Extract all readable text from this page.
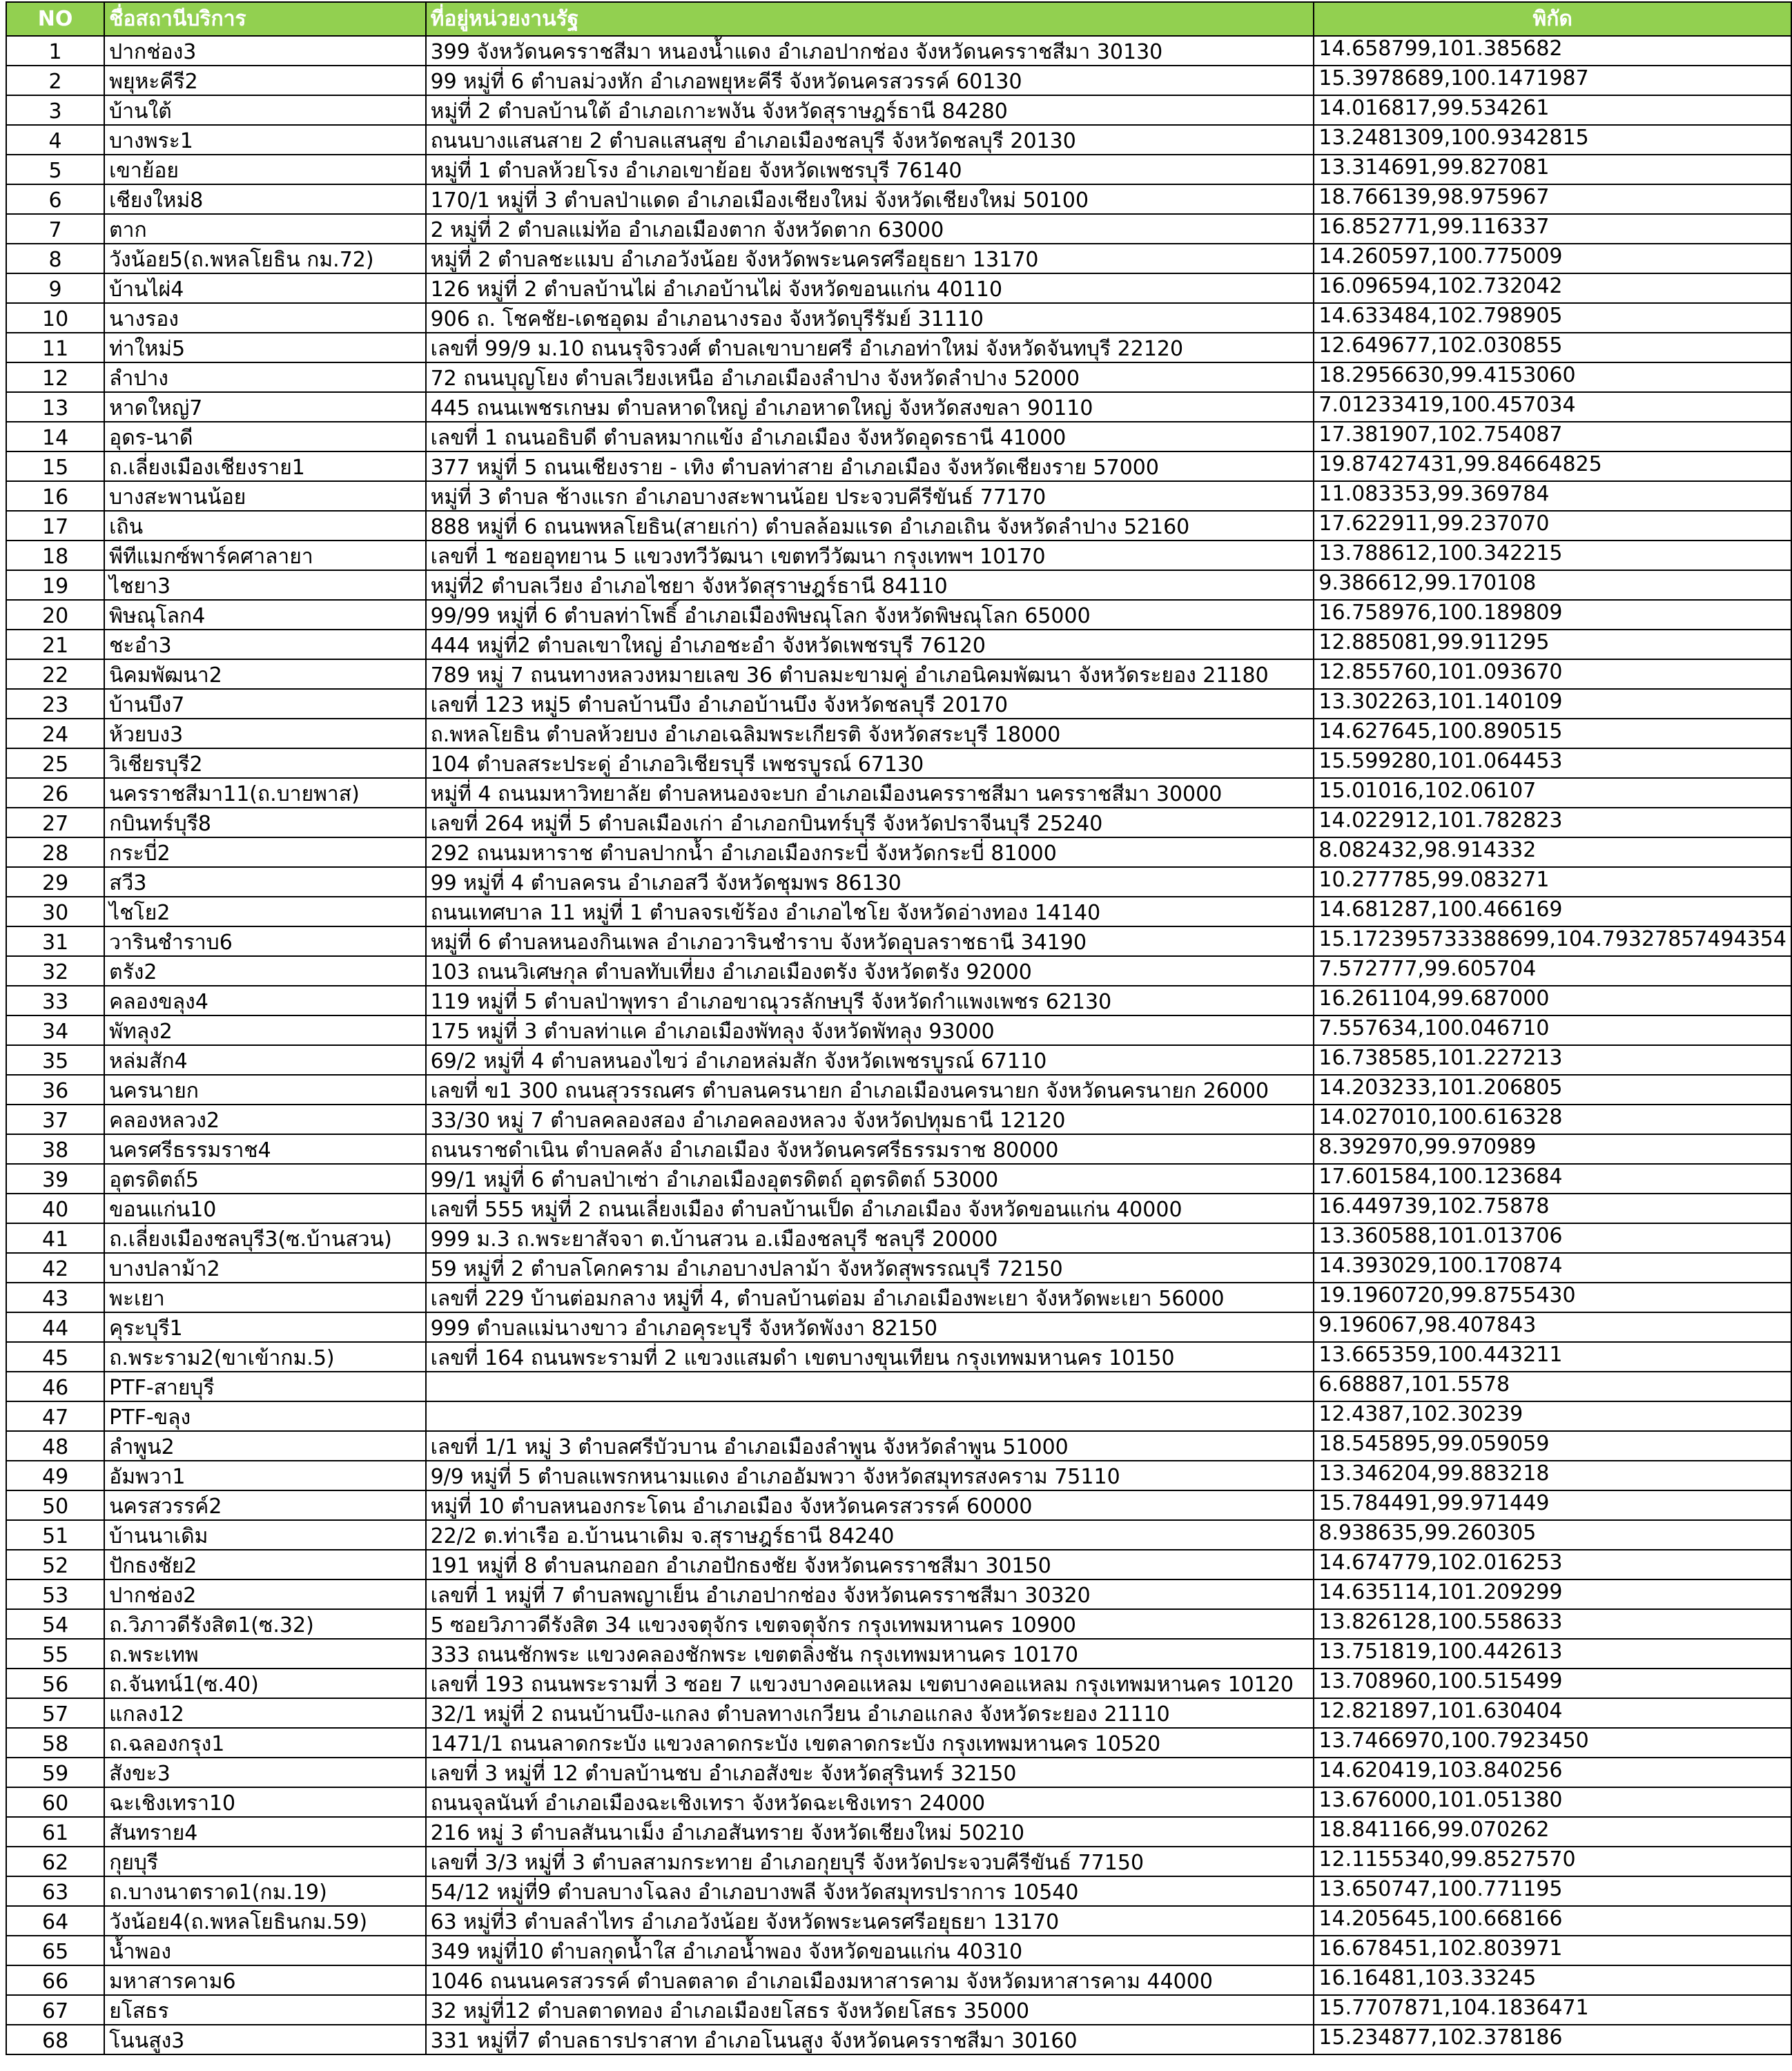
NO	ชื่อสถานีบริการ	ที่อยู่หน่วยงานรัฐ	พิกัด
1	ปากช่อง3	399 จังหวัดนครราชสีมา หนองน้ำแดง อำเภอปากช่อง จังหวัดนครราชสีมา 30130	14.658799,101.385682
2	พยุหะคีรี2	99 หมู่ที่ 6 ตำบลม่วงหัก อำเภอพยุหะคีรี จังหวัดนครสวรรค์ 60130	15.3978689,100.1471987
3	บ้านใต้	หมู่ที่ 2 ตำบลบ้านใต้ อำเภอเกาะพงัน จังหวัดสุราษฎร์ธานี 84280	14.016817,99.534261
4	บางพระ1	ถนนบางแสนสาย 2 ตำบลแสนสุข อำเภอเมืองชลบุรี จังหวัดชลบุรี 20130	13.2481309,100.9342815
5	เขาย้อย	หมู่ที่ 1 ตำบลห้วยโรง อำเภอเขาย้อย จังหวัดเพชรบุรี 76140	13.314691,99.827081
6	เชียงใหม่8	170/1 หมู่ที่ 3 ตำบลป่าแดด อำเภอเมืองเชียงใหม่ จังหวัดเชียงใหม่ 50100	18.766139,98.975967
7	ตาก	2 หมู่ที่ 2 ตำบลแม่ท้อ อำเภอเมืองตาก จังหวัดตาก 63000	16.852771,99.116337
8	วังน้อย5(ถ.พหลโยธิน กม.72)	หมู่ที่ 2 ตำบลชะแมบ อำเภอวังน้อย จังหวัดพระนครศรีอยุธยา 13170	14.260597,100.775009
9	บ้านไผ่4	126 หมู่ที่ 2 ตำบลบ้านไผ่ อำเภอบ้านไผ่ จังหวัดขอนแก่น 40110	16.096594,102.732042
10	นางรอง	906 ถ. โชคชัย-เดชอุดม อำเภอนางรอง จังหวัดบุรีรัมย์ 31110	14.633484,102.798905
11	ท่าใหม่5	เลขที่ 99/9 ม.10 ถนนรุจิรวงศ์ ตำบลเขาบายศรี อำเภอท่าใหม่ จังหวัดจันทบุรี 22120	12.649677,102.030855
12	ลำปาง	72 ถนนบุญโยง ตำบลเวียงเหนือ อำเภอเมืองลำปาง จังหวัดลำปาง 52000	18.2956630,99.4153060
13	หาดใหญ่7	445 ถนนเพชรเกษม ตำบลหาดใหญ่ อำเภอหาดใหญ่ จังหวัดสงขลา 90110	7.01233419,100.457034
14	อุดร-นาดี	เลขที่ 1 ถนนอธิบดี ตำบลหมากแข้ง อำเภอเมือง จังหวัดอุดรธานี 41000	17.381907,102.754087
15	ถ.เลี่ยงเมืองเชียงราย1	377 หมู่ที่ 5 ถนนเชียงราย - เทิง ตำบลท่าสาย อำเภอเมือง จังหวัดเชียงราย 57000	19.87427431,99.84664825
16	บางสะพานน้อย	หมู่ที่ 3 ตำบล ช้างแรก อำเภอบางสะพานน้อย ประจวบคีรีขันธ์ 77170	11.083353,99.369784
17	เถิน	888 หมู่ที่ 6 ถนนพหลโยธิน(สายเก่า) ตำบลล้อมแรด อำเภอเถิน จังหวัดลำปาง 52160	17.622911,99.237070
18	พีทีแมกซ์พาร์คศาลายา	เลขที่ 1 ซอยอุทยาน 5 แขวงทวีวัฒนา เขตทวีวัฒนา กรุงเทพฯ 10170	13.788612,100.342215
19	ไชยา3	หมู่ที่2 ตำบลเวียง อำเภอไชยา จังหวัดสุราษฎร์ธานี 84110	9.386612,99.170108
20	พิษณุโลก4	99/99 หมู่ที่ 6 ตำบลท่าโพธิ์ อำเภอเมืองพิษณุโลก จังหวัดพิษณุโลก 65000	16.758976,100.189809
21	ชะอำ3	444 หมู่ที่2 ตำบลเขาใหญ่ อำเภอชะอำ จังหวัดเพชรบุรี 76120	12.885081,99.911295
22	นิคมพัฒนา2	789 หมู่ 7 ถนนทางหลวงหมายเลข 36 ตำบลมะขามคู่ อำเภอนิคมพัฒนา จังหวัดระยอง 21180	12.855760,101.093670
23	บ้านบึง7	เลขที่ 123 หมู่5 ตำบลบ้านบึง อำเภอบ้านบึง จังหวัดชลบุรี 20170	13.302263,101.140109
24	ห้วยบง3	ถ.พหลโยธิน ตำบลห้วยบง อำเภอเฉลิมพระเกียรติ จังหวัดสระบุรี 18000	14.627645,100.890515
25	วิเชียรบุรี2	104 ตำบลสระประดู่ อำเภอวิเชียรบุรี เพชรบูรณ์ 67130	15.599280,101.064453
26	นครราชสีมา11(ถ.บายพาส)	หมู่ที่ 4 ถนนมหาวิทยาลัย ตำบลหนองจะบก อำเภอเมืองนครราชสีมา นครราชสีมา 30000	15.01016,102.06107
27	กบินทร์บุรี8	เลขที่ 264 หมู่ที่ 5 ตำบลเมืองเก่า อำเภอกบินทร์บุรี จังหวัดปราจีนบุรี 25240	14.022912,101.782823
28	กระบี่2	292 ถนนมหาราช ตำบลปากน้ำ อำเภอเมืองกระบี่ จังหวัดกระบี่ 81000	8.082432,98.914332
29	สวี3	99 หมู่ที่ 4 ตำบลครน อำเภอสวี จังหวัดชุมพร 86130	10.277785,99.083271
30	ไชโย2	ถนนเทศบาล 11 หมู่ที่ 1 ตำบลจรเข้ร้อง อำเภอไชโย จังหวัดอ่างทอง 14140	14.681287,100.466169
31	วารินชำราบ6	หมู่ที่ 6 ตำบลหนองกินเพล อำเภอวารินชำราบ จังหวัดอุบลราชธานี 34190	15.172395733388699,104.79327857494354
32	ตรัง2	103 ถนนวิเศษกุล ตำบลทับเที่ยง อำเภอเมืองตรัง จังหวัดตรัง 92000	7.572777,99.605704
33	คลองขลุง4	119 หมู่ที่ 5 ตำบลป่าพุทรา อำเภอขาณุวรลักษบุรี จังหวัดกำแพงเพชร 62130	16.261104,99.687000
34	พัทลุง2	175 หมู่ที่ 3 ตำบลท่าแค อำเภอเมืองพัทลุง จังหวัดพัทลุง 93000	7.557634,100.046710
35	หล่มสัก4	69/2 หมู่ที่ 4 ตำบลหนองไขว่ อำเภอหล่มสัก จังหวัดเพชรบูรณ์ 67110	16.738585,101.227213
36	นครนายก	เลขที่ ข1 300 ถนนสุวรรณศร ตำบลนครนายก อำเภอเมืองนครนายก จังหวัดนครนายก 26000	14.203233,101.206805
37	คลองหลวง2	33/30 หมู่ 7 ตำบลคลองสอง อำเภอคลองหลวง จังหวัดปทุมธานี 12120	14.027010,100.616328
38	นครศรีธรรมราช4	ถนนราชดำเนิน ตำบลคลัง อำเภอเมือง จังหวัดนครศรีธรรมราช 80000	8.392970,99.970989
39	อุตรดิตถ์5	99/1 หมู่ที่ 6 ตำบลป่าเซ่า อำเภอเมืองอุตรดิตถ์ อุตรดิตถ์ 53000	17.601584,100.123684
40	ขอนแก่น10	เลขที่ 555 หมู่ที่ 2 ถนนเลี่ยงเมือง ตำบลบ้านเป็ด อำเภอเมือง จังหวัดขอนแก่น 40000	16.449739,102.75878
41	ถ.เลี่ยงเมืองชลบุรี3(ซ.บ้านสวน)	999 ม.3 ถ.พระยาสัจจา ต.บ้านสวน อ.เมืองชลบุรี ชลบุรี 20000	13.360588,101.013706
42	บางปลาม้า2	59 หมู่ที่ 2 ตำบลโคกคราม อำเภอบางปลาม้า จังหวัดสุพรรณบุรี 72150	14.393029,100.170874
43	พะเยา	เลขที่ 229 บ้านต่อมกลาง หมู่ที่ 4, ตำบลบ้านต่อม อำเภอเมืองพะเยา จังหวัดพะเยา 56000	19.1960720,99.8755430
44	คุระบุรี1	999 ตำบลแม่นางขาว อำเภอคุระบุรี จังหวัดพังงา 82150	9.196067,98.407843
45	ถ.พระราม2(ขาเข้ากม.5)	เลขที่ 164 ถนนพระรามที่ 2 แขวงแสมดำ เขตบางขุนเทียน กรุงเทพมหานคร 10150	13.665359,100.443211
46	PTF-สายบุรี		6.68887,101.5578
47	PTF-ขลุง		12.4387,102.30239
48	ลำพูน2	เลขที่ 1/1 หมู่ 3 ตำบลศรีบัวบาน อำเภอเมืองลำพูน จังหวัดลำพูน 51000	18.545895,99.059059
49	อัมพวา1	9/9 หมู่ที่ 5 ตำบลแพรกหนามแดง อำเภออัมพวา จังหวัดสมุทรสงคราม 75110	13.346204,99.883218
50	นครสวรรค์2	หมู่ที่ 10 ตำบลหนองกระโดน อำเภอเมือง จังหวัดนครสวรรค์ 60000	15.784491,99.971449
51	บ้านนาเดิม	22/2 ต.ท่าเรือ อ.บ้านนาเดิม จ.สุราษฎร์ธานี 84240	8.938635,99.260305
52	ปักธงชัย2	191 หมู่ที่ 8 ตำบลนกออก อำเภอปักธงชัย จังหวัดนครราชสีมา 30150	14.674779,102.016253
53	ปากช่อง2	เลขที่ 1 หมู่ที่ 7 ตำบลพญาเย็น อำเภอปากช่อง จังหวัดนครราชสีมา 30320	14.635114,101.209299
54	ถ.วิภาวดีรังสิต1(ซ.32)	5 ซอยวิภาวดีรังสิต 34 แขวงจตุจักร เขตจตุจักร กรุงเทพมหานคร 10900	13.826128,100.558633
55	ถ.พระเทพ	333 ถนนชักพระ แขวงคลองชักพระ เขตตลิ่งชัน กรุงเทพมหานคร 10170	13.751819,100.442613
56	ถ.จันทน์1(ซ.40)	เลขที่ 193 ถนนพระรามที่ 3 ซอย 7 แขวงบางคอแหลม เขตบางคอแหลม กรุงเทพมหานคร 10120	13.708960,100.515499
57	แกลง12	32/1 หมู่ที่ 2 ถนนบ้านบึง-แกลง ตำบลทางเกวียน อำเภอแกลง จังหวัดระยอง 21110	12.821897,101.630404
58	ถ.ฉลองกรุง1	1471/1 ถนนลาดกระบัง แขวงลาดกระบัง เขตลาดกระบัง กรุงเทพมหานคร 10520	13.7466970,100.7923450
59	สังขะ3	เลขที่ 3 หมู่ที่ 12 ตำบลบ้านชบ อำเภอสังขะ จังหวัดสุรินทร์ 32150	14.620419,103.840256
60	ฉะเชิงเทรา10	ถนนจุลนันท์ อำเภอเมืองฉะเชิงเทรา จังหวัดฉะเชิงเทรา 24000	13.676000,101.051380
61	สันทราย4	216 หมู่ 3 ตำบลสันนาเม็ง อำเภอสันทราย จังหวัดเชียงใหม่ 50210	18.841166,99.070262
62	กุยบุรี	เลขที่ 3/3 หมู่ที่ 3 ตำบลสามกระทาย อำเภอกุยบุรี จังหวัดประจวบคีรีขันธ์ 77150	12.1155340,99.8527570
63	ถ.บางนาตราด1(กม.19)	54/12 หมู่ที่9 ตำบลบางโฉลง อำเภอบางพลี จังหวัดสมุทรปราการ 10540	13.650747,100.771195
64	วังน้อย4(ถ.พหลโยธินกม.59)	63 หมู่ที่3 ตำบลลำไทร อำเภอวังน้อย จังหวัดพระนครศรีอยุธยา 13170	14.205645,100.668166
65	น้ำพอง	349 หมู่ที่10 ตำบลกุดน้ำใส อำเภอน้ำพอง จังหวัดขอนแก่น 40310	16.678451,102.803971
66	มหาสารคาม6	1046 ถนนนครสวรรค์ ตำบลตลาด อำเภอเมืองมหาสารคาม จังหวัดมหาสารคาม 44000	16.16481,103.33245
67	ยโสธร	32 หมู่ที่12 ตำบลตาดทอง อำเภอเมืองยโสธร จังหวัดยโสธร 35000	15.7707871,104.1836471
68	โนนสูง3	331 หมู่ที่7 ตำบลธารปราสาท อำเภอโนนสูง จังหวัดนครราชสีมา 30160	15.234877,102.378186
